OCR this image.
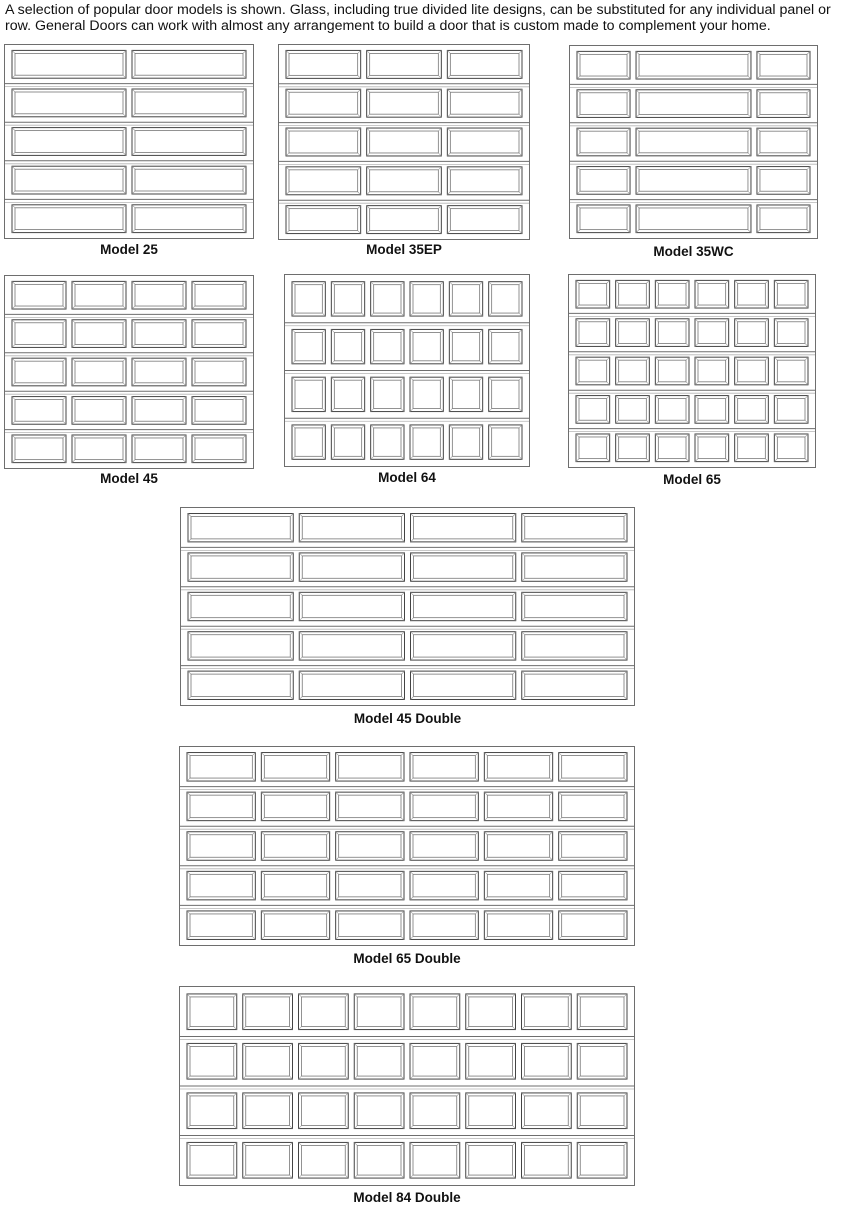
A selection of popular door models is shown. Glass, including true divided lite designs, can be substituted for any individual panel or row. General Doors can work with almost any arrangement to build a door that is custom made to complement your home.

Model 25	Model 35EP	Model 35WC
Model 45	Model 64	Model 65
Model 45 Double
Model 65 Double
Model 84 Double
